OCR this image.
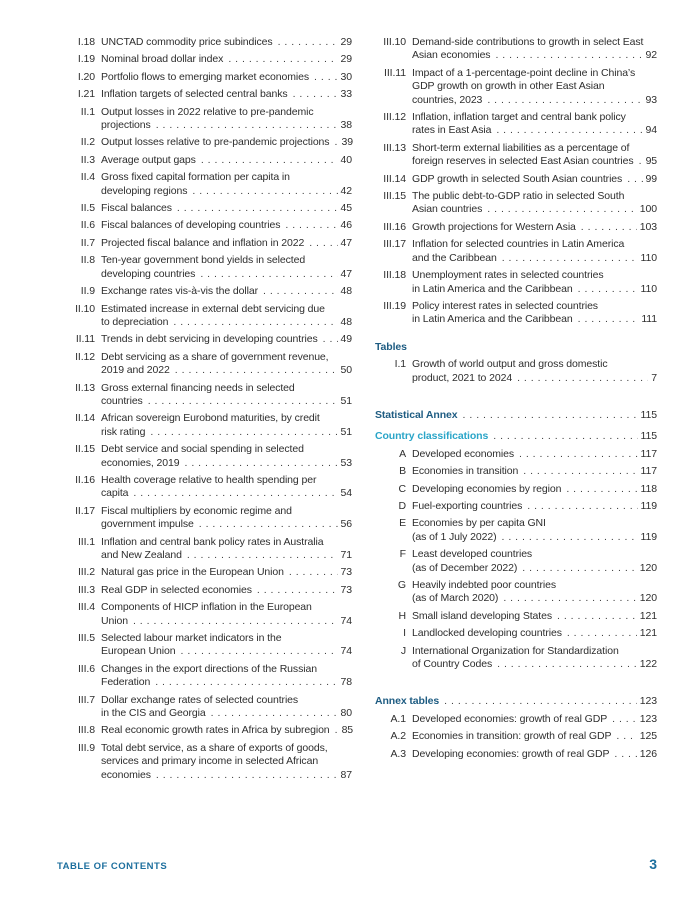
I.18 UNCTAD commodity price subindices . . .	29
I.19 Nominal broad dollar index . . .	29
I.20 Portfolio flows to emerging market economies . . .	30
I.21 Inflation targets of selected central banks . . .	33
II.1 Output losses in 2022 relative to pre-pandemic
projections . . .	38
II.2 Output losses relative to pre-pandemic projections . . . 39
II.3 Average output gaps . . .	40
II.4 Gross fixed capital formation per capita in
developing regions . . .	42
II.5 Fiscal balances . . .	45
II.6 Fiscal balances of developing countries . . .	46
II.7 Projected fiscal balance and inflation in 2022 . . .	47
II.8 Ten-year government bond yields in selected
developing countries . . .	47
II.9 Exchange rates vis-à-vis the dollar . . .	48
II.10 Estimated increase in external debt servicing due
to depreciation . . .	48
II.11 Trends in debt servicing in developing countries . . . 49
II.12 Debt servicing as a share of government revenue,
2019 and 2022 . . .	50
II.13 Gross external financing needs in selected
countries . . .	51
II.14 African sovereign Eurobond maturities, by credit
risk rating . . .	51
II.15 Debt service and social spending in selected
economies, 2019 . . .	53
II.16 Health coverage relative to health spending per
capita . . .	54
II.17 Fiscal multipliers by economic regime and
government impulse . . .	56
III.1 Inflation and central bank policy rates in Australia
and New Zealand . . .	71
III.2 Natural gas price in the European Union . . .	73
III.3 Real GDP in selected economies . . .	73
III.4 Components of HICP inflation in the European
Union . . .	74
III.5 Selected labour market indicators in the
European Union . . .	74
III.6 Changes in the export directions of the Russian
Federation . . .	78
III.7 Dollar exchange rates of selected countries
in the CIS and Georgia . . .	80
III.8 Real economic growth rates in Africa by subregion . . . 85
III.9 Total debt service, as a share of exports of goods,
services and primary income in selected African
economies . . .	87
III.10 Demand-side contributions to growth in select East
Asian economies . . .	92
III.11 Impact of a 1-percentage-point decline in China’s
GDP growth on growth in other East Asian
countries, 2023 . . .	93
III.12 Inflation, inflation target and central bank policy
rates in East Asia . . .	94
III.13 Short-term external liabilities as a percentage of
foreign reserves in selected East Asian countries . . . 95
III.14 GDP growth in selected South Asian countries . . . 99
III.15 The public debt-to-GDP ratio in selected South
Asian countries . . .	100
III.16 Growth projections for Western Asia . . .	103
III.17 Inflation for selected countries in Latin America
and the Caribbean . . .	110
III.18 Unemployment rates in selected countries
in Latin America and the Caribbean . . .	110
III.19 Policy interest rates in selected countries
in Latin America and the Caribbean . . .	111
Tables
I.1 Growth of world output and gross domestic
product, 2021 to 2024 . . .	7
Statistical Annex . . .	115
Country classifications . . .	115
A Developed economies . . .	117
B Economies in transition . . .	117
C Developing economies by region . . .	118
D Fuel-exporting countries . . .	119
E Economies by per capita GNI
(as of 1 July 2022) . . .	119
F Least developed countries
(as of December 2022) . . .	120
G Heavily indebted poor countries
(as of March 2020) . . .	120
H Small island developing States . . .	121
I Landlocked developing countries . . .	121
J International Organization for Standardization
of Country Codes . . .	122
Annex tables . . .	123
A.1 Developed economies: growth of real GDP . . .	123
A.2 Economies in transition: growth of real GDP . . .	125
A.3 Developing economies: growth of real GDP . . .	126
TABLE OF CONTENTS	3
